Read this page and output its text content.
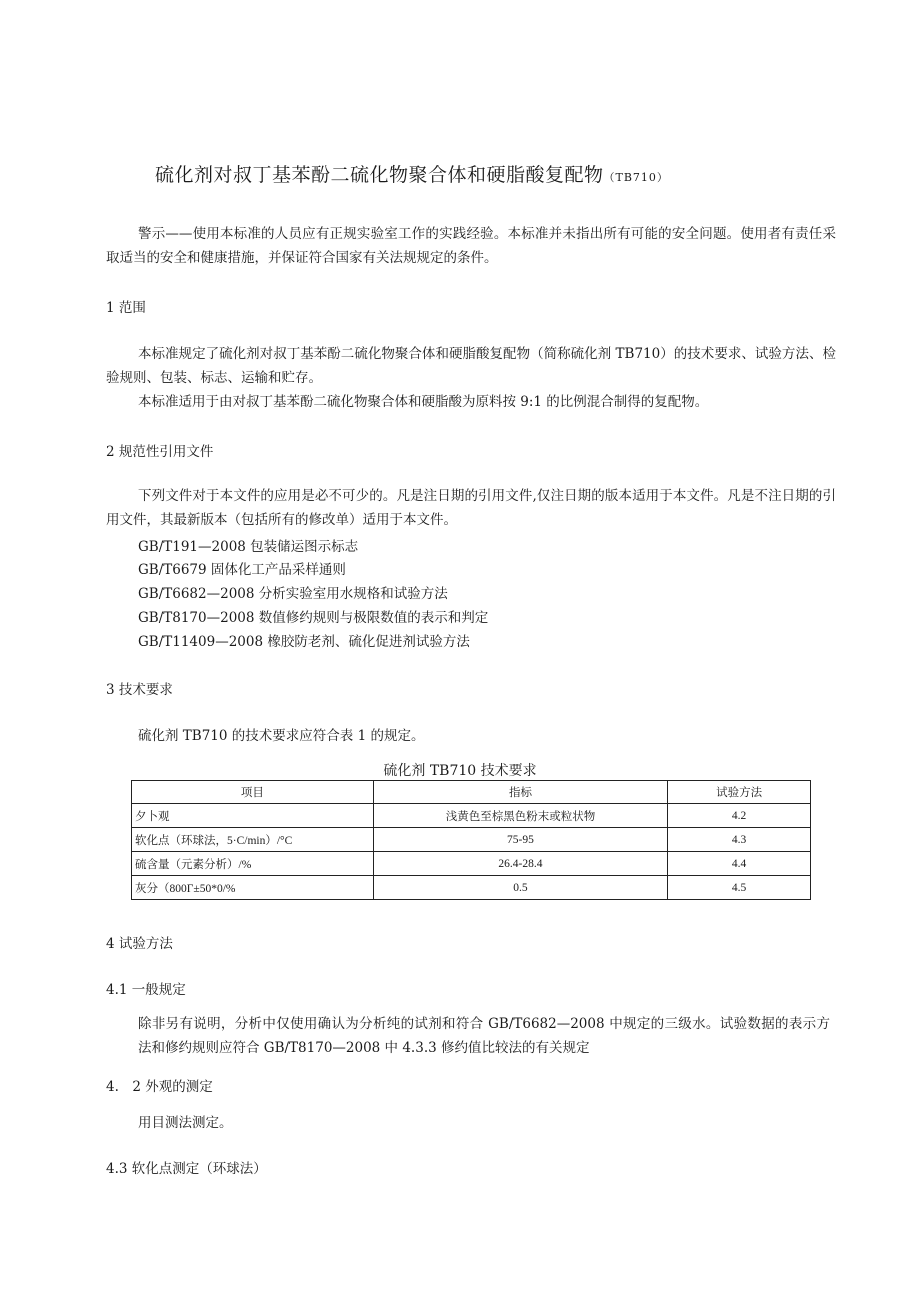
硫化剂对叔丁基苯酚二硫化物聚合体和硬脂酸复配物（TB710）
警示——使用本标准的人员应有正规实验室工作的实践经验。本标准并未指出所有可能的安全问题。使用者有责任采取适当的安全和健康措施，并保证符合国家有关法规规定的条件。
1 范围
本标准规定了硫化剂对叔丁基苯酚二硫化物聚合体和硬脂酸复配物（简称硫化剂 TB710）的技术要求、试验方法、检验规则、包装、标志、运输和贮存。
本标准适用于由对叔丁基苯酚二硫化物聚合体和硬脂酸为原料按 9:1 的比例混合制得的复配物。
2 规范性引用文件
下列文件对于本文件的应用是必不可少的。凡是注日期的引用文件,仅注日期的版本适用于本文件。凡是不注日期的引用文件，其最新版本（包括所有的修改单）适用于本文件。
GB/T191—2008 包装储运图示标志
GB/T6679 固体化工产品采样通则
GB/T6682—2008 分析实验室用水规格和试验方法
GB/T8170—2008 数值修约规则与极限数值的表示和判定
GB/T11409—2008 橡胶防老剂、硫化促进剂试验方法
3 技术要求
硫化剂 TB710 的技术要求应符合表 1 的规定。
硫化剂 TB710 技术要求
项目	指标	试验方法
夕卜观	浅黄色至棕黑色粉末或粒状物	4.2
软化点（环球法，5·C/min）/°C	75-95	4.3
硫含量（元素分析）/%	26.4-28.4	4.4
灰分（800Γ±50*0/%	0.5	4.5
4 试验方法
4.1 一般规定
除非另有说明，分析中仅使用确认为分析纯的试剂和符合 GB/T6682—2008 中规定的三级水。试验数据的表示方法和修约规则应符合 GB/T8170—2008 中 4.3.3 修约值比较法的有关规定
4.　2 外观的测定
用目测法测定。
4.3 软化点测定（环球法）
